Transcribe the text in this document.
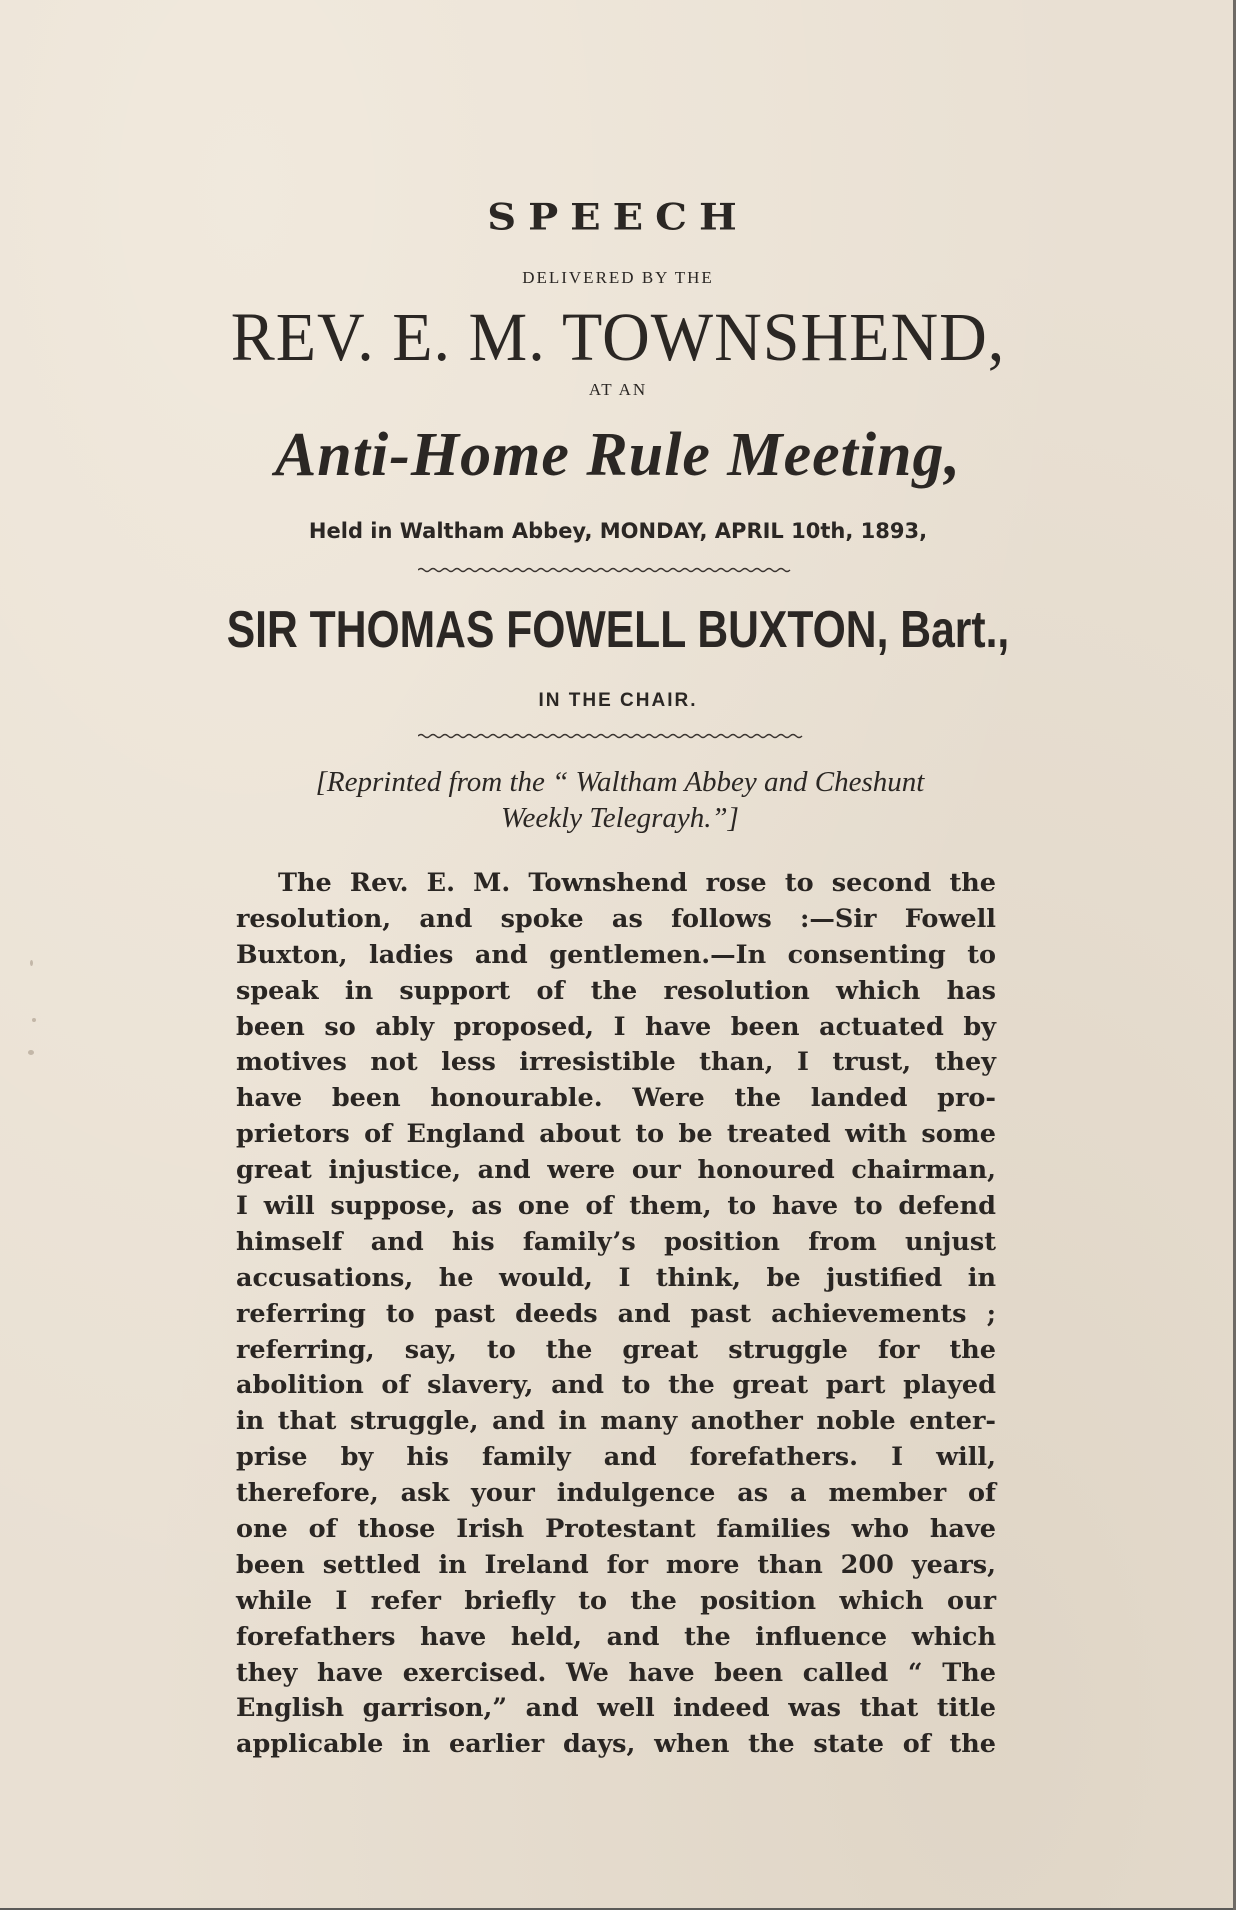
SPEECH
DELIVERED BY THE
REV. E. M. TOWNSHEND,
AT AN
Anti-Home Rule Meeting,
Held in Waltham Abbey, MONDAY, APRIL 10th, 1893,
SIR THOMAS FOWELL BUXTON, Bart.,
IN THE CHAIR.
[Reprinted from the “ Waltham Abbey and Cheshunt
Weekly Telegrayh.”]
The Rev. E. M. Townshend rose to second the
resolution, and spoke as follows :—Sir Fowell
Buxton, ladies and gentlemen.—In consenting to
speak in support of the resolution which has
been so ably proposed, I have been actuated by
motives not less irresistible than, I trust, they
have been honourable. Were the landed pro-
prietors of England about to be treated with some
great injustice, and were our honoured chairman,
I will suppose, as one of them, to have to defend
himself and his family’s position from unjust
accusations, he would, I think, be justified in
referring to past deeds and past achievements ;
referring, say, to the great struggle for the
abolition of slavery, and to the great part played
in that struggle, and in many another noble enter-
prise by his family and forefathers. I will,
therefore, ask your indulgence as a member of
one of those Irish Protestant families who have
been settled in Ireland for more than 200 years,
while I refer briefly to the position which our
forefathers have held, and the influence which
they have exercised. We have been called “ The
English garrison,” and well indeed was that title
applicable in earlier days, when the state of the
